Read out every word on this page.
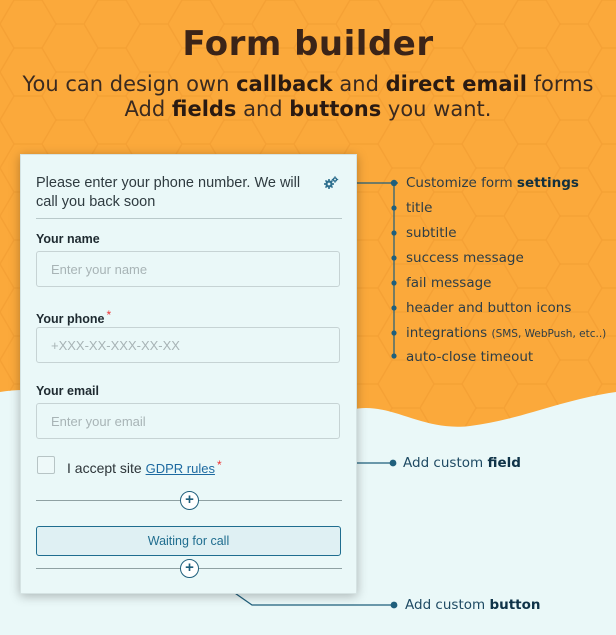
Form builder
You can design own callback and direct email forms
Add fields and buttons you want.
Please enter your phone number. We will call you back soon
Your name
Enter your name
Your phone *
+XXX-XX-XXX-XX-XX
Your email
Enter your email
I accept site GDPR rules *
+
Waiting for call
+
Customize form settings
title
subtitle
success message
fail message
header and button icons
integrations (SMS, WebPush, etc..)
auto-close timeout
Add custom field
Add custom button
